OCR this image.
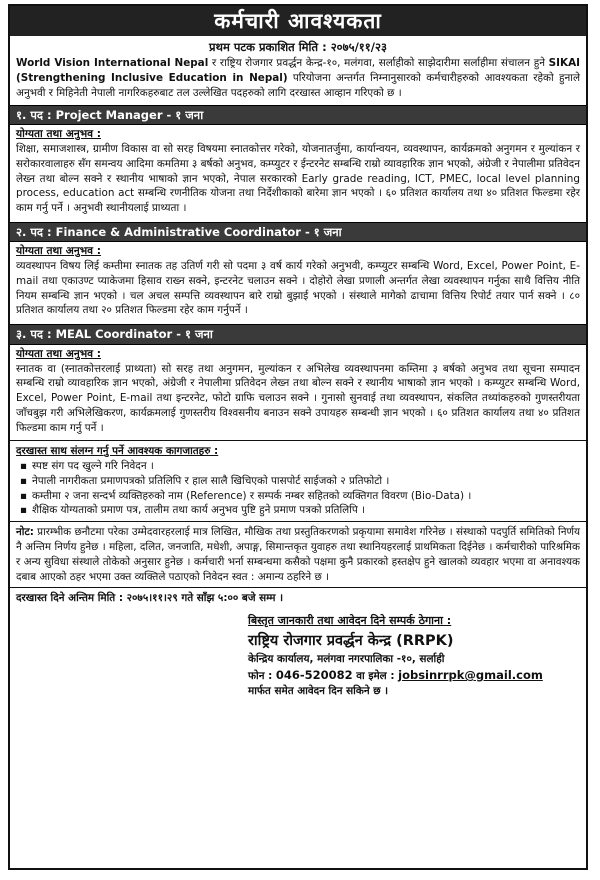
कर्मचारी आवश्यकता
प्रथम पटक प्रकाशित मिति : २०७५/११/२३
World Vision International Nepal र राष्ट्रिय रोजगार प्रवर्द्धन केन्द्र-१०, मलंगवा, सर्लाहीको साझेदारीमा सर्लाहीमा संचालन हुने SIKAI (Strengthening Inclusive Education in Nepal) परियोजना अन्तर्गत निम्नानुसारको कर्मचारीहरुको आवश्यकता रहेको हुनाले अनुभवी र मिहिनेती नेपाली नागरिकहरुबाट तल उल्लेखित पदहरुको लागि दरखास्त आव्हान गरिएको छ ।
१. पद : Project Manager - १ जना
योग्यता तथा अनुभव :
शिक्षा, समाजशास्त्र, ग्रामीण विकास वा सो सरह विषयमा स्नातकोत्तर गरेको, योजनातर्जुमा, कार्यान्वयन, व्यवस्थापन, कार्यक्रमको अनुगमन र मुल्यांकन र सरोकारवालाहरु सँग समन्वय आदिमा कमतिमा ३ बर्षको अनुभव, कम्प्युटर र ईन्टरनेट सम्बन्धि राम्रो व्यावहारिक ज्ञान भएको, अंग्रेजी र नेपालीमा प्रतिवेदन लेख्न तथा बोल्न सक्ने र स्थानीय भाषाको ज्ञान भएको, नेपाल सरकारको Early grade reading, ICT, PMEC, local level planning process, education act सम्बन्धि रणनीतिक योजना तथा निर्देशीकाको बारेमा ज्ञान भएको । ६० प्रतिशत कार्यालय तथा ४० प्रतिशत फिल्डमा रहेर काम गर्नु पर्ने । अनुभवी स्थानीयलाई प्राथ्यता ।
२. पद : Finance & Administrative Coordinator - १ जना
योग्यता तथा अनुभव :
व्यवस्थापन विषय लिई कम्तीमा स्नातक तह उतिर्ण गरी सो पदमा ३ वर्ष कार्य गरेको अनुभवी, कम्प्युटर सम्बन्धि Word, Excel, Power Point, E-mail तथा एकाउण्ट प्याकेजमा हिसाव राख्न सक्ने, इन्टरनेट चलाउन सक्ने । दोहोरो लेखा प्रणाली अन्तर्गत लेखा व्यवस्थापन गर्नुका साथै वित्तिय नीति नियम सम्बन्धि ज्ञान भएको । चल अचल सम्पत्ति व्यवस्थापन बारे राम्रो बुझाई भएको । संस्थाले मागेको ढाचामा वित्तिय रिपोर्ट तयार पार्न सक्ने । ८० प्रतिशत कार्यालय तथा २० प्रतिशत फिल्डमा रहेर काम गर्नुपर्ने ।
३. पद : MEAL Coordinator - १ जना
योग्यता तथा अनुभव :
स्नातक वा (स्नातकोत्तरलाई प्राथ्यता) सो सरह तथा अनुगमन, मुल्यांकन र अभिलेख व्यवस्थापनमा कम्तिमा ३ बर्षको अनुभव तथा सूचना सम्पादन सम्बन्धि राम्रो व्यावहारिक ज्ञान भएको, अंग्रेजी र नेपालीमा प्रतिवेदन लेख्न तथा बोल्न सक्ने र स्थानीय भाषाको ज्ञान भएको । कम्प्युटर सम्बन्धि Word, Excel, Power Point, E-mail तथा इन्टरनेट, फोटो ग्राफि चलाउन सक्ने । गुनासो सुनवाई तथा व्यवस्थापन, संकलित तथ्यांकहरुको गुणस्तरीयता जाँचबुझ गरी अभिलेखिकरण, कार्यक्रमलाई गुणस्तरीय विश्वसनीय बनाउन सक्ने उपायहरु सम्बन्धी ज्ञान भएको । ६० प्रतिशत कार्यालय तथा ४० प्रतिशत फिल्डमा काम गर्नु पर्ने ।
दरखास्त साथ संलग्न गर्नु पर्ने आवश्यक कागजातहरु :
▪ स्पष्ट संग पद खुल्ने गरि निवेदन ।
▪ नेपाली नागरीकता प्रमाणपत्रको प्रतिलिपि र हाल सालै खिचिएको पासपोर्ट साईजको २ प्रतिफोटो ।
▪ कम्तीमा २ जना सन्दर्भ व्यक्तिहरुको नाम (Reference) र सम्पर्क नम्बर सहितको व्यक्तिगत विवरण (Bio-Data) ।
▪ शैक्षिक योग्यताको प्रमाण पत्र, तालीम तथा कार्य अनुभव पुष्टि हुने प्रमाण पत्रको प्रतिलिपि ।
नोट: प्रारम्भीक छनौटमा परेका उम्मेदवारहरलाई मात्र लिखित, मौखिक तथा प्रस्तुतिकरणको प्रकृयामा समावेश गरिनेछ । संस्थाको पदपुर्ति समितिको निर्णय नै अन्तिम निर्णय हुनेछ । महिला, दलित, जनजाति, मधेशी, अपाङ्ग, सिमान्तकृत युवाहरु तथा स्थानियहरलाई प्राथमिकता दिईनेछ । कर्मचारीको पारिश्रमिक र अन्य सुविधा संस्थाले तोकेको अनुसार हुनेछ । कर्मचारी भर्ना सम्बन्धमा कसैको पक्षमा कुनै प्रकारको हस्तक्षेप हुने खालको व्यवहार भएमा वा अनावश्यक दबाब आएको ठहर भएमा उक्त व्यक्तिले पठाएको निवेदन स्वत : अमान्य ठहरिने छ ।
दरखास्त दिने अन्तिम मिति : २०७५।११।२९ गते साँझ ५:०० बजे सम्म ।
बिस्तृत जानकारी तथा आवेदन दिने सम्पर्क ठेगाना :
राष्ट्रिय रोजगार प्रवर्द्धन केन्द्र (RRPK)
केन्द्रिय कार्यालय, मलंगवा नगरपालिका -१०, सर्लाही
फोन : 046-520082 वा इमेल : jobsinrrpk@gmail.com
मार्फत समेत आवेदन दिन सकिने छ ।
